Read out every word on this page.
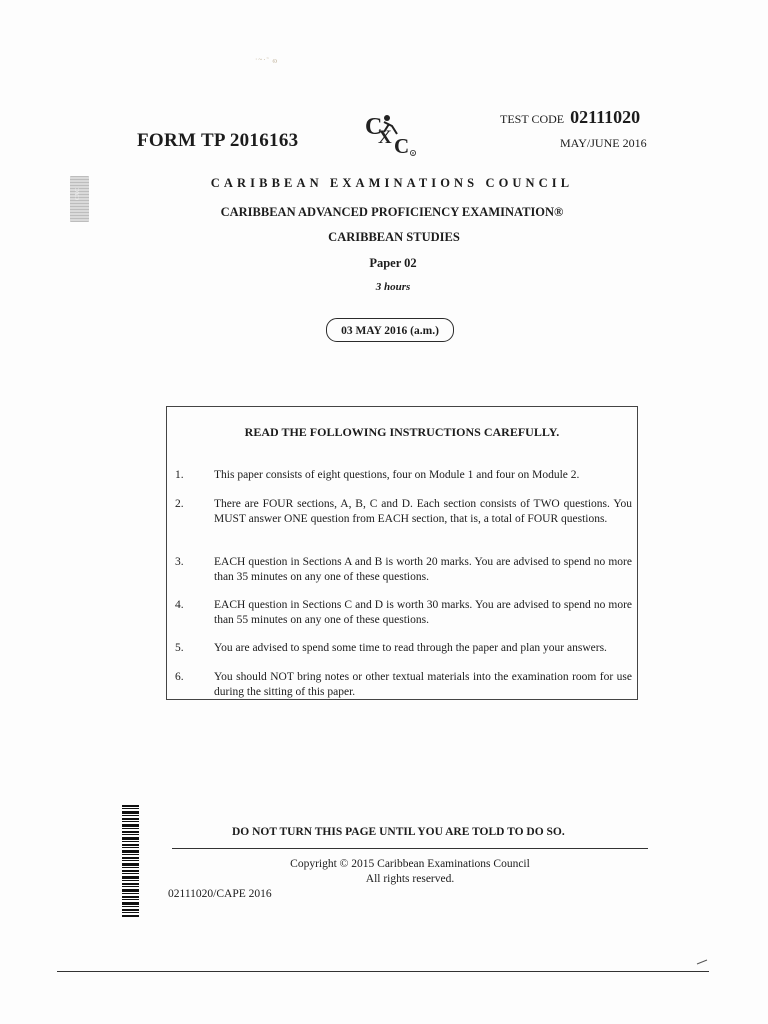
·~·ˉ ɷ
FORM TP 2016163
C
X C R
TEST CODE 02111020
MAY/JUNE 2016
CXC
CARIBBEAN EXAMINATIONS COUNCIL
CARIBBEAN ADVANCED PROFICIENCY EXAMINATION®
CARIBBEAN STUDIES
Paper 02
3 hours
03 MAY 2016 (a.m.)
READ THE FOLLOWING INSTRUCTIONS CAREFULLY.
1.	This paper consists of eight questions, four on Module 1 and four on Module 2.
2.	There are FOUR sections, A, B, C and D. Each section consists of TWO questions. You MUST answer ONE question from EACH section, that is, a total of FOUR questions.
3.	EACH question in Sections A and B is worth 20 marks. You are advised to spend no more than 35 minutes on any one of these questions.
4.	EACH question in Sections C and D is worth 30 marks. You are advised to spend no more than 55 minutes on any one of these questions.
5.	You are advised to spend some time to read through the paper and plan your answers.
6.	You should NOT bring notes or other textual materials into the examination room for use during the sitting of this paper.
DO NOT TURN THIS PAGE UNTIL YOU ARE TOLD TO DO SO.
Copyright © 2015 Caribbean Examinations Council
All rights reserved.
02111020/CAPE 2016
